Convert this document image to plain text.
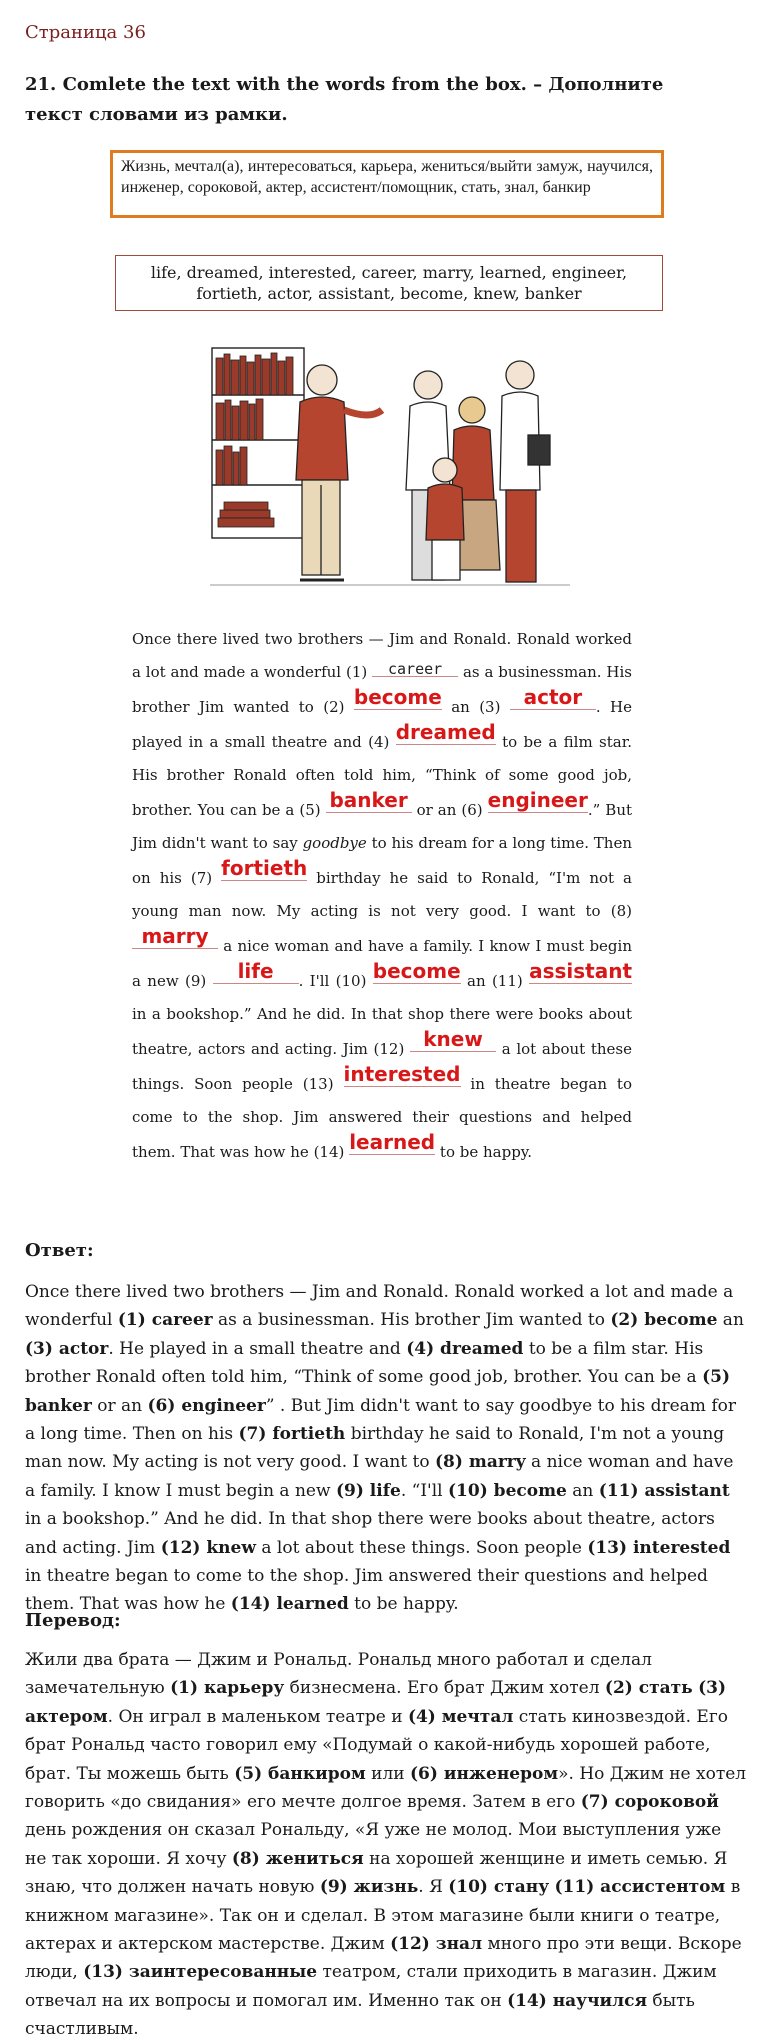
Страница 36
21. Comlete the text with the words from the box. – Дополните текст словами из рамки.
Жизнь, мечтал(а), интересоваться, карьера, жениться/выйти замуж, научился, инженер, сороковой, актер, ассистент/помощник, стать, знал, банкир
life, dreamed, interested, career, marry, learned, engineer, fortieth, actor, assistant, become, knew, banker
Once there lived two brothers — Jim and Ronald. Ronald worked a lot and made a wonderful (1) career as a businessman. His brother Jim wanted to (2) become an (3) actor . He played in a small theatre and (4) dreamed to be a film star. His brother Ronald often told him, “Think of some good job, brother. You can be a (5) banker or an (6) engineer.” But Jim didn't want to say goodbye to his dream for a long time. Then on his (7) fortieth birthday he said to Ronald, “I'm not a young man now. My acting is not very good. I want to (8) marry a nice woman and have a family. I know I must begin a new (9) life . I'll (10) become an (11) assistant in a bookshop.” And he did. In that shop there were books about theatre, actors and acting. Jim (12) knew a lot about these things. Soon people (13) interested in theatre began to come to the shop. Jim answered their questions and helped them. That was how he (14) learned to be happy.
Ответ:
Once there lived two brothers — Jim and Ronald. Ronald worked a lot and made a wonderful (1) career as a businessman. His brother Jim wanted to (2) become an (3) actor. He played in a small theatre and (4) dreamed to be a film star. His brother Ronald often told him, “Think of some good job, brother. You can be a (5) banker or an (6) engineer” . But Jim didn't want to say goodbye to his dream for a long time. Then on his (7) fortieth birthday he said to Ronald, I'm not a young man now. My acting is not very good. I want to (8) marry a nice woman and have a family. I know I must begin a new (9) life. “I'll (10) become an (11) assistant in a bookshop.” And he did. In that shop there were books about theatre, actors and acting. Jim (12) knew a lot about these things. Soon people (13) interested in theatre began to come to the shop. Jim answered their questions and helped them. That was how he (14) learned to be happy.
Перевод:
Жили два брата — Джим и Рональд. Рональд много работал и сделал замечательную (1) карьеру бизнесмена. Его брат Джим хотел (2) стать (3) актером. Он играл в маленьком театре и (4) мечтал стать кинозвездой. Его брат Рональд часто говорил ему «Подумай о какой-нибудь хорошей работе, брат. Ты можешь быть (5) банкиром или (6) инженером». Но Джим не хотел говорить «до свидания» его мечте долгое время. Затем в его (7) сороковой день рождения он сказал Рональду, «Я уже не молод. Мои выступления уже не так хороши. Я хочу (8) жениться на хорошей женщине и иметь семью. Я знаю, что должен начать новую (9) жизнь. Я (10) стану (11) ассистентом в книжном магазине». Так он и сделал. В этом магазине были книги о театре, актерах и актерском мастерстве. Джим (12) знал много про эти вещи. Вскоре люди, (13) заинтересованные театром, стали приходить в магазин. Джим отвечал на их вопросы и помогал им. Именно так он (14) научился быть счастливым.
